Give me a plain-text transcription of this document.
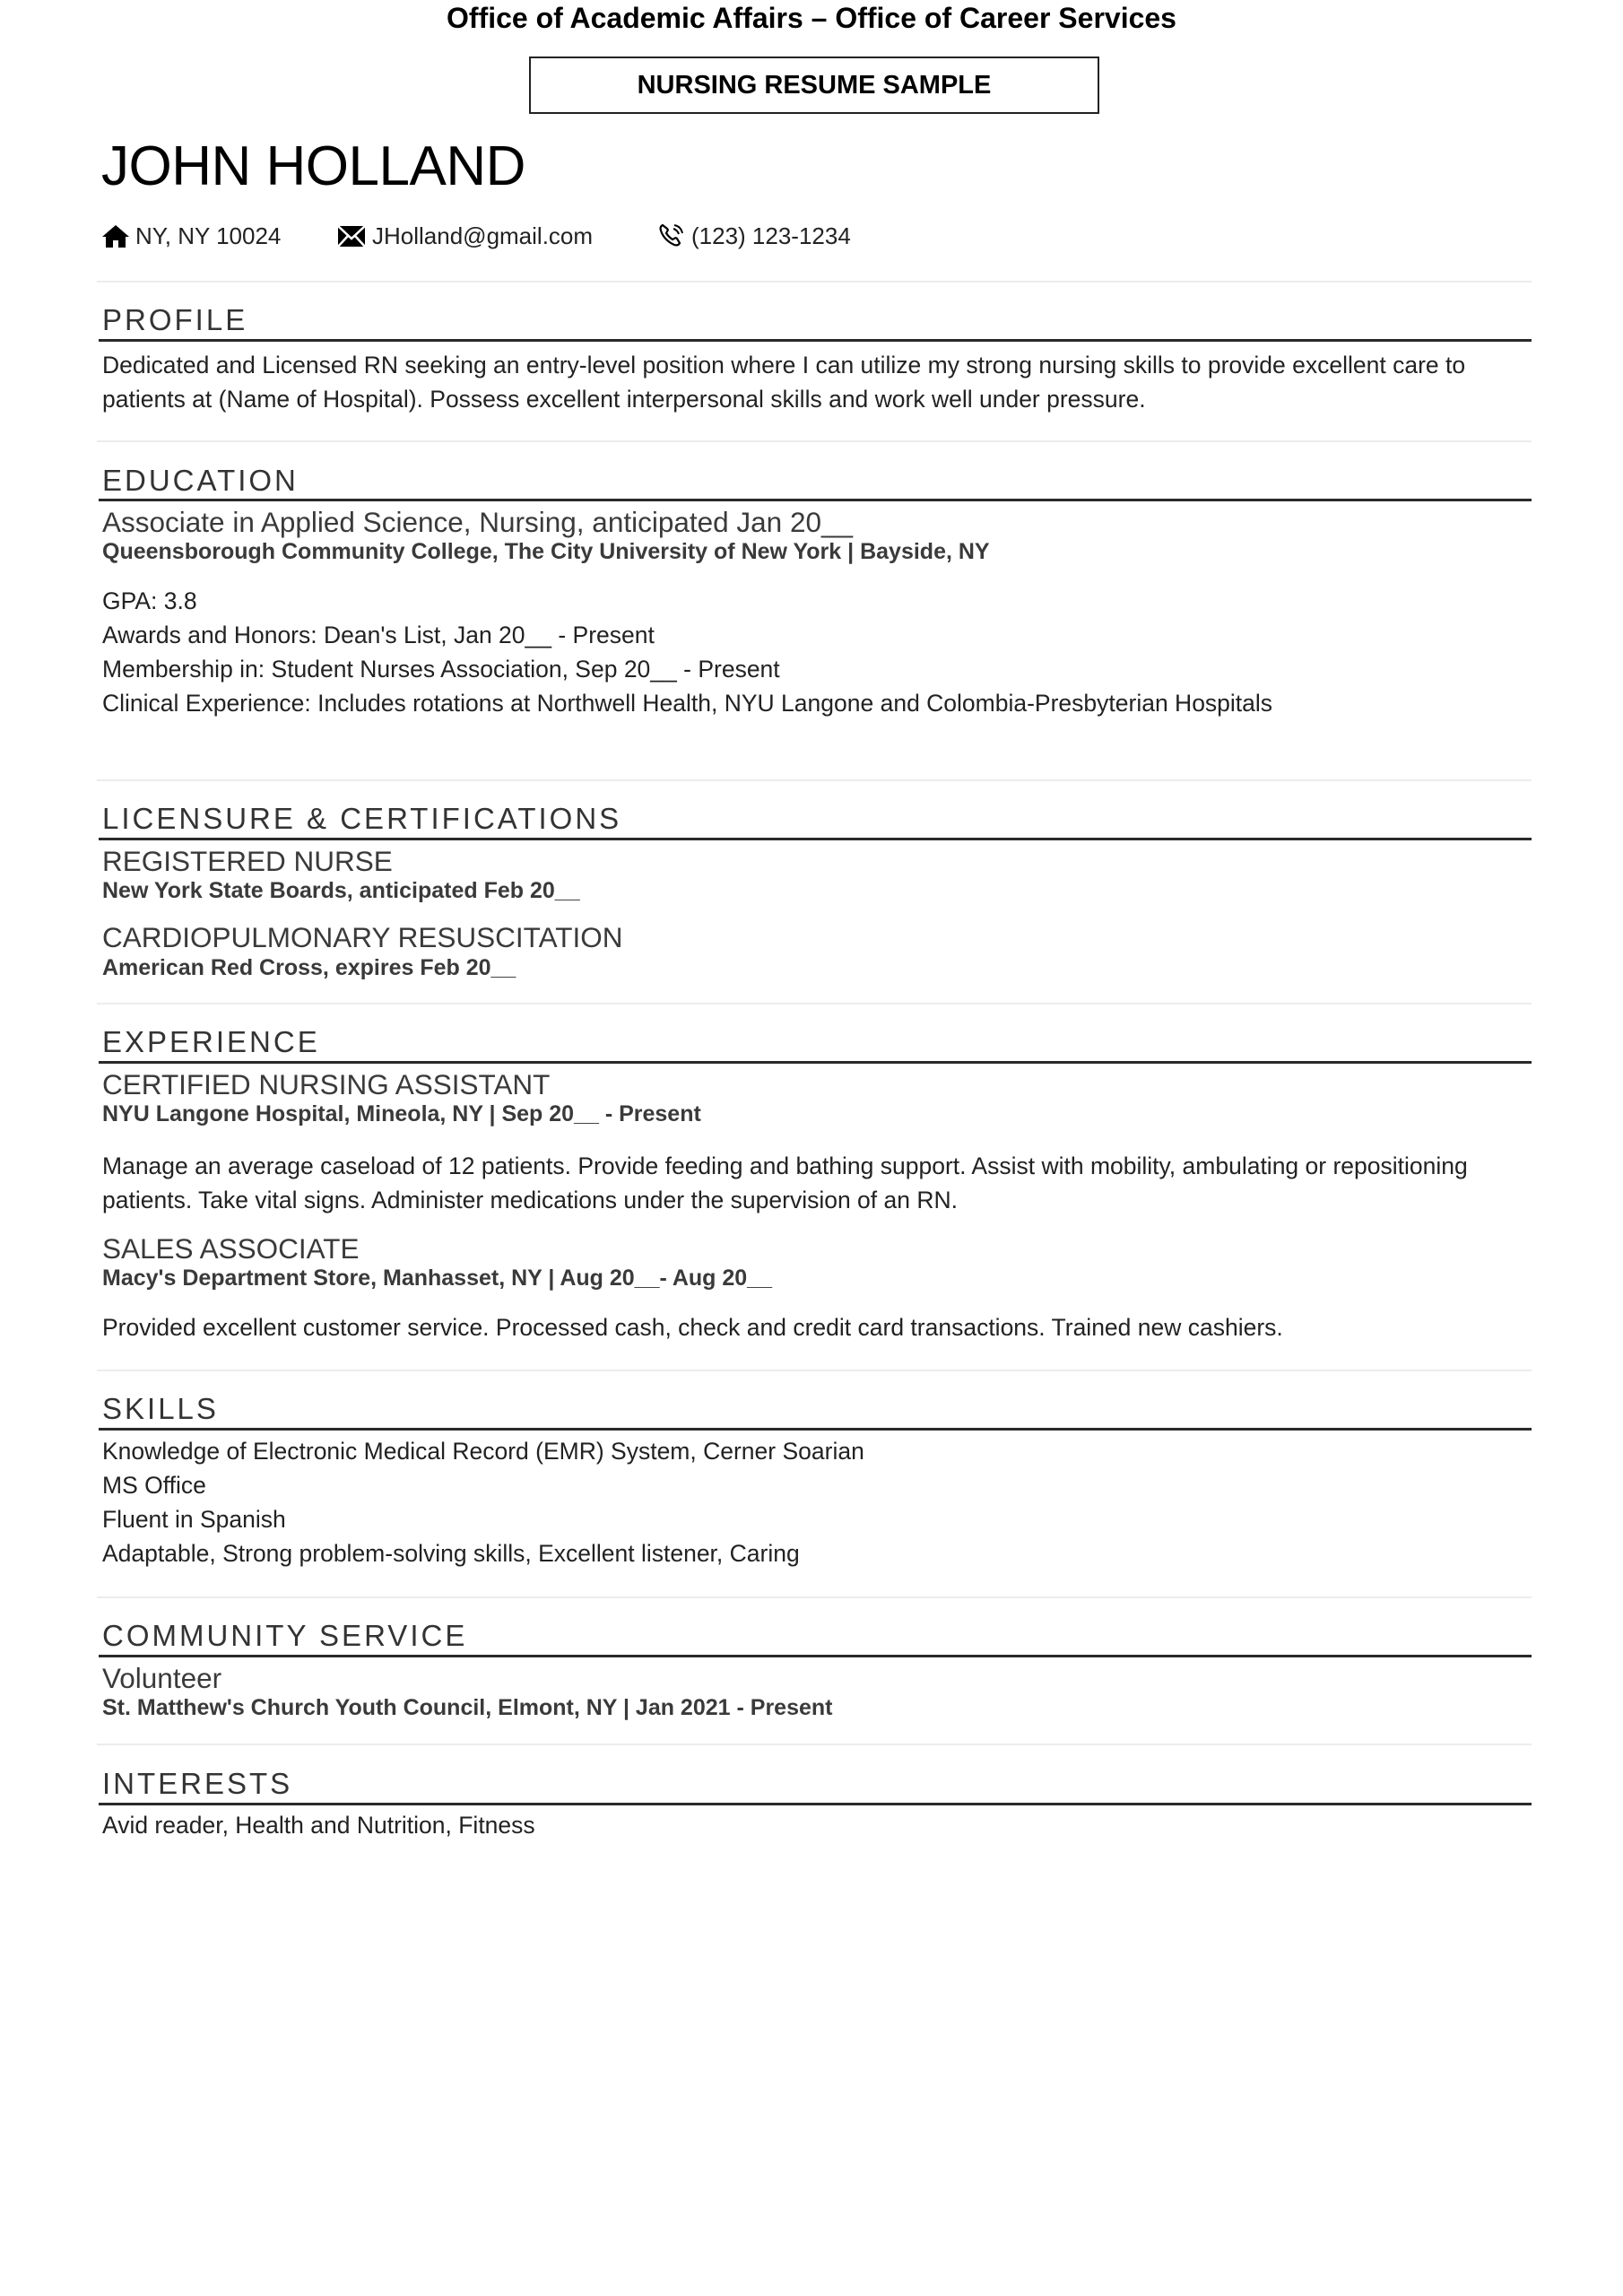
Office of Academic Affairs – Office of Career Services
NURSING RESUME SAMPLE
JOHN HOLLAND
NY, NY 10024	JHolland@gmail.com	(123) 123-1234
PROFILE
Dedicated and Licensed RN seeking an entry-level position where I can utilize my strong nursing skills to provide excellent care to patients at (Name of Hospital). Possess excellent interpersonal skills and work well under pressure.
EDUCATION
Associate in Applied Science, Nursing, anticipated Jan 20__
Queensborough Community College, The City University of New York | Bayside, NY
GPA: 3.8
Awards and Honors: Dean's List, Jan 20__ - Present
Membership in: Student Nurses Association, Sep 20__ - Present
Clinical Experience: Includes rotations at Northwell Health, NYU Langone and Colombia-Presbyterian Hospitals
LICENSURE & CERTIFICATIONS
REGISTERED NURSE
New York State Boards, anticipated Feb 20__
CARDIOPULMONARY RESUSCITATION
American Red Cross, expires Feb 20__
EXPERIENCE
CERTIFIED NURSING ASSISTANT
NYU Langone Hospital, Mineola, NY | Sep 20__ - Present
Manage an average caseload of 12 patients. Provide feeding and bathing support. Assist with mobility, ambulating or repositioning patients. Take vital signs. Administer medications under the supervision of an RN.
SALES ASSOCIATE
Macy's Department Store, Manhasset, NY | Aug 20__- Aug 20__
Provided excellent customer service. Processed cash, check and credit card transactions. Trained new cashiers.
SKILLS
Knowledge of Electronic Medical Record (EMR) System, Cerner Soarian
MS Office
Fluent in Spanish
Adaptable, Strong problem-solving skills, Excellent listener, Caring
COMMUNITY SERVICE
Volunteer
St. Matthew's Church Youth Council, Elmont, NY | Jan 2021 - Present
INTERESTS
Avid reader, Health and Nutrition, Fitness
